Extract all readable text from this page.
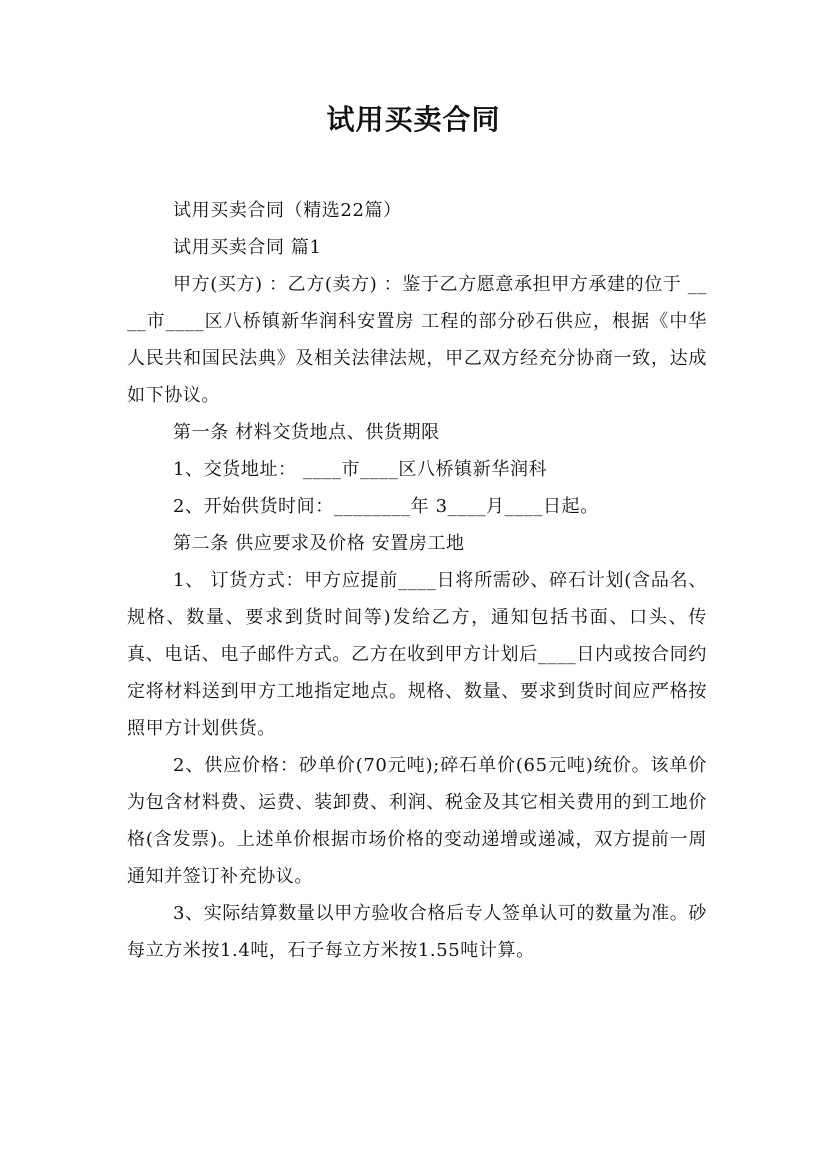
试用买卖合同

试用买卖合同（精选22篇）

试用买卖合同 篇1

甲方(买方) ：乙方(卖方) ：鉴于乙方愿意承担甲方承建的位于 ____市____区八桥镇新华润科安置房 工程的部分砂石供应，根据《中华人民共和国民法典》及相关法律法规，甲乙双方经充分协商一致，达成如下协议。

第一条 材料交货地点、供货期限

1、交货地址： ____市____区八桥镇新华润科

2、开始供货时间：________年 3____月____日起。

第二条 供应要求及价格 安置房工地

1、 订货方式：甲方应提前____日将所需砂、碎石计划(含品名、规格、数量、要求到货时间等)发给乙方，通知包括书面、口头、传真、电话、电子邮件方式。乙方在收到甲方计划后____日内或按合同约定将材料送到甲方工地指定地点。规格、数量、要求到货时间应严格按照甲方计划供货。

2、供应价格：砂单价(70元吨);碎石单价(65元吨)统价。该单价为包含材料费、运费、装卸费、利润、税金及其它相关费用的到工地价格(含发票)。上述单价根据市场价格的变动递增或递减，双方提前一周通知并签订补充协议。

3、实际结算数量以甲方验收合格后专人签单认可的数量为准。砂每立方米按1.4吨，石子每立方米按1.55吨计算。
